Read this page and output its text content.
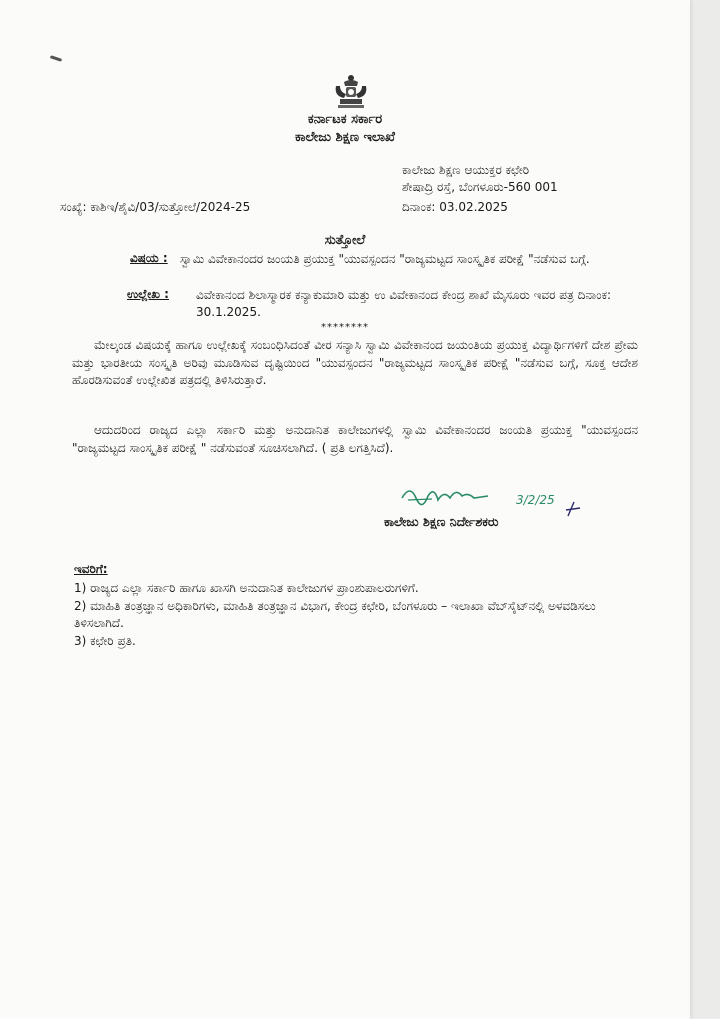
ಕರ್ನಾಟಕ ಸರ್ಕಾರ
ಕಾಲೇಜು ಶಿಕ್ಷಣ ಇಲಾಖೆ
ಕಾಲೇಜು ಶಿಕ್ಷಣ ಆಯುಕ್ತರ ಕಛೇರಿ
ಶೇಷಾದ್ರಿ ರಸ್ತೆ, ಬೆಂಗಳೂರು-560 001
ಸಂಖ್ಯೆ: ಕಾಶಿಇ/ಶೈವಿ/03/ಸುತ್ತೋಲೆ/2024-25	ದಿನಾಂಕ: 03.02.2025
ಸುತ್ತೋಲೆ
ವಿಷಯ : ಸ್ವಾಮಿ ವಿವೇಕಾನಂದರ ಜಂಯತಿ ಪ್ರಯುಕ್ತ "ಯುವಸ್ಪಂದನ "ರಾಜ್ಯಮಟ್ಟದ ಸಾಂಸ್ಕೃತಿಕ ಪರೀಕ್ಷೆ "ನಡೆಸುವ ಬಗ್ಗೆ.
ಉಲ್ಲೇಖ : ವಿವೇಕಾನಂದ ಶಿಲಾಸ್ಮಾರಕ ಕನ್ಯಾಕುಮಾರಿ ಮತ್ತು ಉ ವಿವೇಕಾನಂದ ಕೇಂದ್ರ ಶಾಖೆ ಮೈಸೂರು ಇವರ ಪತ್ರ ದಿನಾಂಕ: 30.1.2025.
********

ಮೇಲ್ಕಂಡ ವಿಷಯಕ್ಕೆ ಹಾಗೂ ಉಲ್ಲೇಖಕ್ಕೆ ಸಂಬಂಧಿಸಿದಂತೆ ವೀರ ಸನ್ಯಾಸಿ ಸ್ವಾಮಿ ವಿವೇಕಾನಂದ ಜಯಂತಿಯ ಪ್ರಯುಕ್ತ ವಿದ್ಯಾರ್ಥಿಗಳಿಗೆ ದೇಶ ಪ್ರೇಮ ಮತ್ತು ಭಾರತೀಯ ಸಂಸ್ಕೃತಿ ಅರಿವು ಮೂಡಿಸುವ ದೃಷ್ಟಿಯಿಂದ "ಯುವಸ್ಪಂದನ "ರಾಜ್ಯಮಟ್ಟದ ಸಾಂಸ್ಕೃತಿಕ ಪರೀಕ್ಷೆ "ನಡೆಸುವ ಬಗ್ಗೆ, ಸೂಕ್ತ ಆದೇಶ ಹೊರಡಿಸುವಂತೆ ಉಲ್ಲೇಖಿತ ಪತ್ರದಲ್ಲಿ ತಿಳಿಸಿರುತ್ತಾರೆ.

ಆದುದರಿಂದ ರಾಜ್ಯದ ಎಲ್ಲಾ ಸರ್ಕಾರಿ ಮತ್ತು ಅನುದಾನಿತ ಕಾಲೇಜುಗಳಲ್ಲಿ ಸ್ವಾಮಿ ವಿವೇಕಾನಂದರ ಜಂಯತಿ ಪ್ರಯುಕ್ತ "ಯುವಸ್ಪಂದನ "ರಾಜ್ಯಮಟ್ಟದ ಸಾಂಸ್ಕೃತಿಕ ಪರೀಕ್ಷೆ " ನಡೆಸುವಂತೆ ಸೂಚಿಸಲಾಗಿದೆ. ( ಪ್ರತಿ ಲಗತ್ತಿಸಿದೆ).

3/2/25
ಕಾಲೇಜು ಶಿಕ್ಷಣ ನಿರ್ದೇಶಕರು
ಇವರಿಗೆ:
1) ರಾಜ್ಯದ ಎಲ್ಲಾ ಸರ್ಕಾರಿ ಹಾಗೂ ಖಾಸಗಿ ಅನುದಾನಿತ ಕಾಲೇಜುಗಳ ಪ್ರಾಂಶುಪಾಲರುಗಳಿಗೆ.
2) ಮಾಹಿತಿ ತಂತ್ರಜ್ಞಾನ ಅಧಿಕಾರಿಗಳು, ಮಾಹಿತಿ ತಂತ್ರಜ್ಞಾನ ವಿಭಾಗ, ಕೇಂದ್ರ ಕಛೇರಿ, ಬೆಂಗಳೂರು – ಇಲಾಖಾ ವೆಬ್‌ಸೈಟ್‌ನಲ್ಲಿ ಅಳವಡಿಸಲು ತಿಳಿಸಲಾಗಿದೆ.
3) ಕಛೇರಿ ಪ್ರತಿ.
